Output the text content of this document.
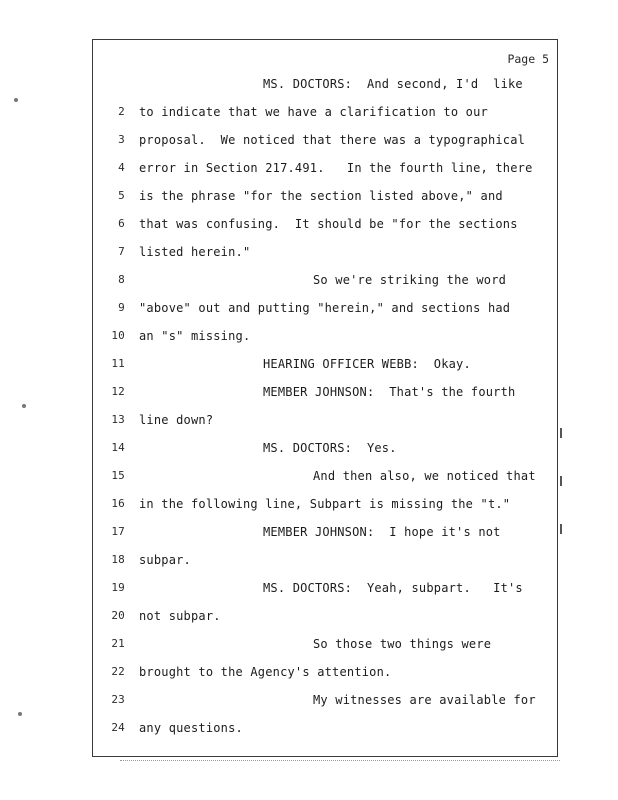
Page 5
MS. DOCTORS:  And second, I'd  like
2 to indicate that we have a clarification to our
3 proposal.  We noticed that there was a typographical
4 error in Section 217.491.   In the fourth line, there
5 is the phrase "for the section listed above," and
6 that was confusing.  It should be "for the sections
7 listed herein."
8	So we're striking the word
9 "above" out and putting "herein," and sections had
10 an "s" missing.
11	HEARING OFFICER WEBB:  Okay.
12	MEMBER JOHNSON:  That's the fourth
13 line down?
14	MS. DOCTORS:  Yes.
15	And then also, we noticed that
16 in the following line, Subpart is missing the "t."
17	MEMBER JOHNSON:  I hope it's not
18 subpar.
19	MS. DOCTORS:  Yeah, subpart.   It's
20 not subpar.
21	So those two things were
22 brought to the Agency's attention.
23	My witnesses are available for
24 any questions.
